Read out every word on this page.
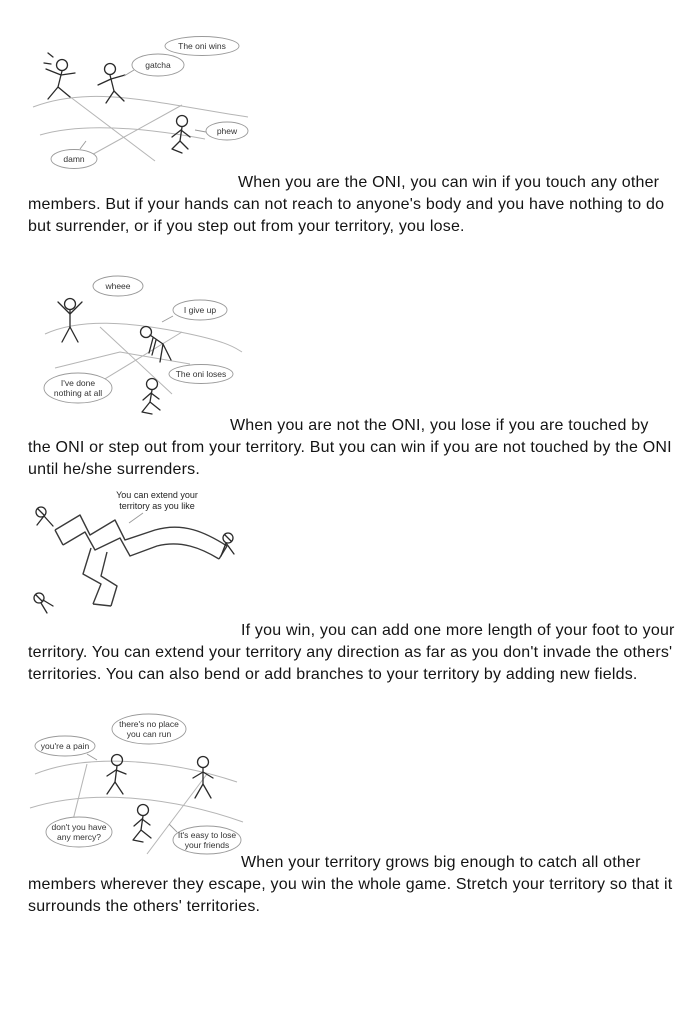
The oni wins
gatcha
phew
damn

When you are the ONI, you can win if you touch any other members. But if your hands can not reach to anyone's body and you have nothing to do but surrender, or if you step out from your territory, you lose.

wheee
I give up
The oni loses
I've done
nothing at all

When you are not the ONI, you lose if you are touched by the ONI or step out from your territory. But you can win if you are not touched by the ONI until he/she surrenders.

You can extend your
territory as you like

If you win, you can add one more length of your foot to your territory. You can extend your territory any direction as far as you don't invade the others' territories. You can also bend or add branches to your territory by adding new fields.

there's no place
you can run
you're a pain
don't you have
any mercy?	It's easy to lose
your friends

When your territory grows big enough to catch all other members wherever they escape, you win the whole game. Stretch your territory so that it surrounds the others' territories.
